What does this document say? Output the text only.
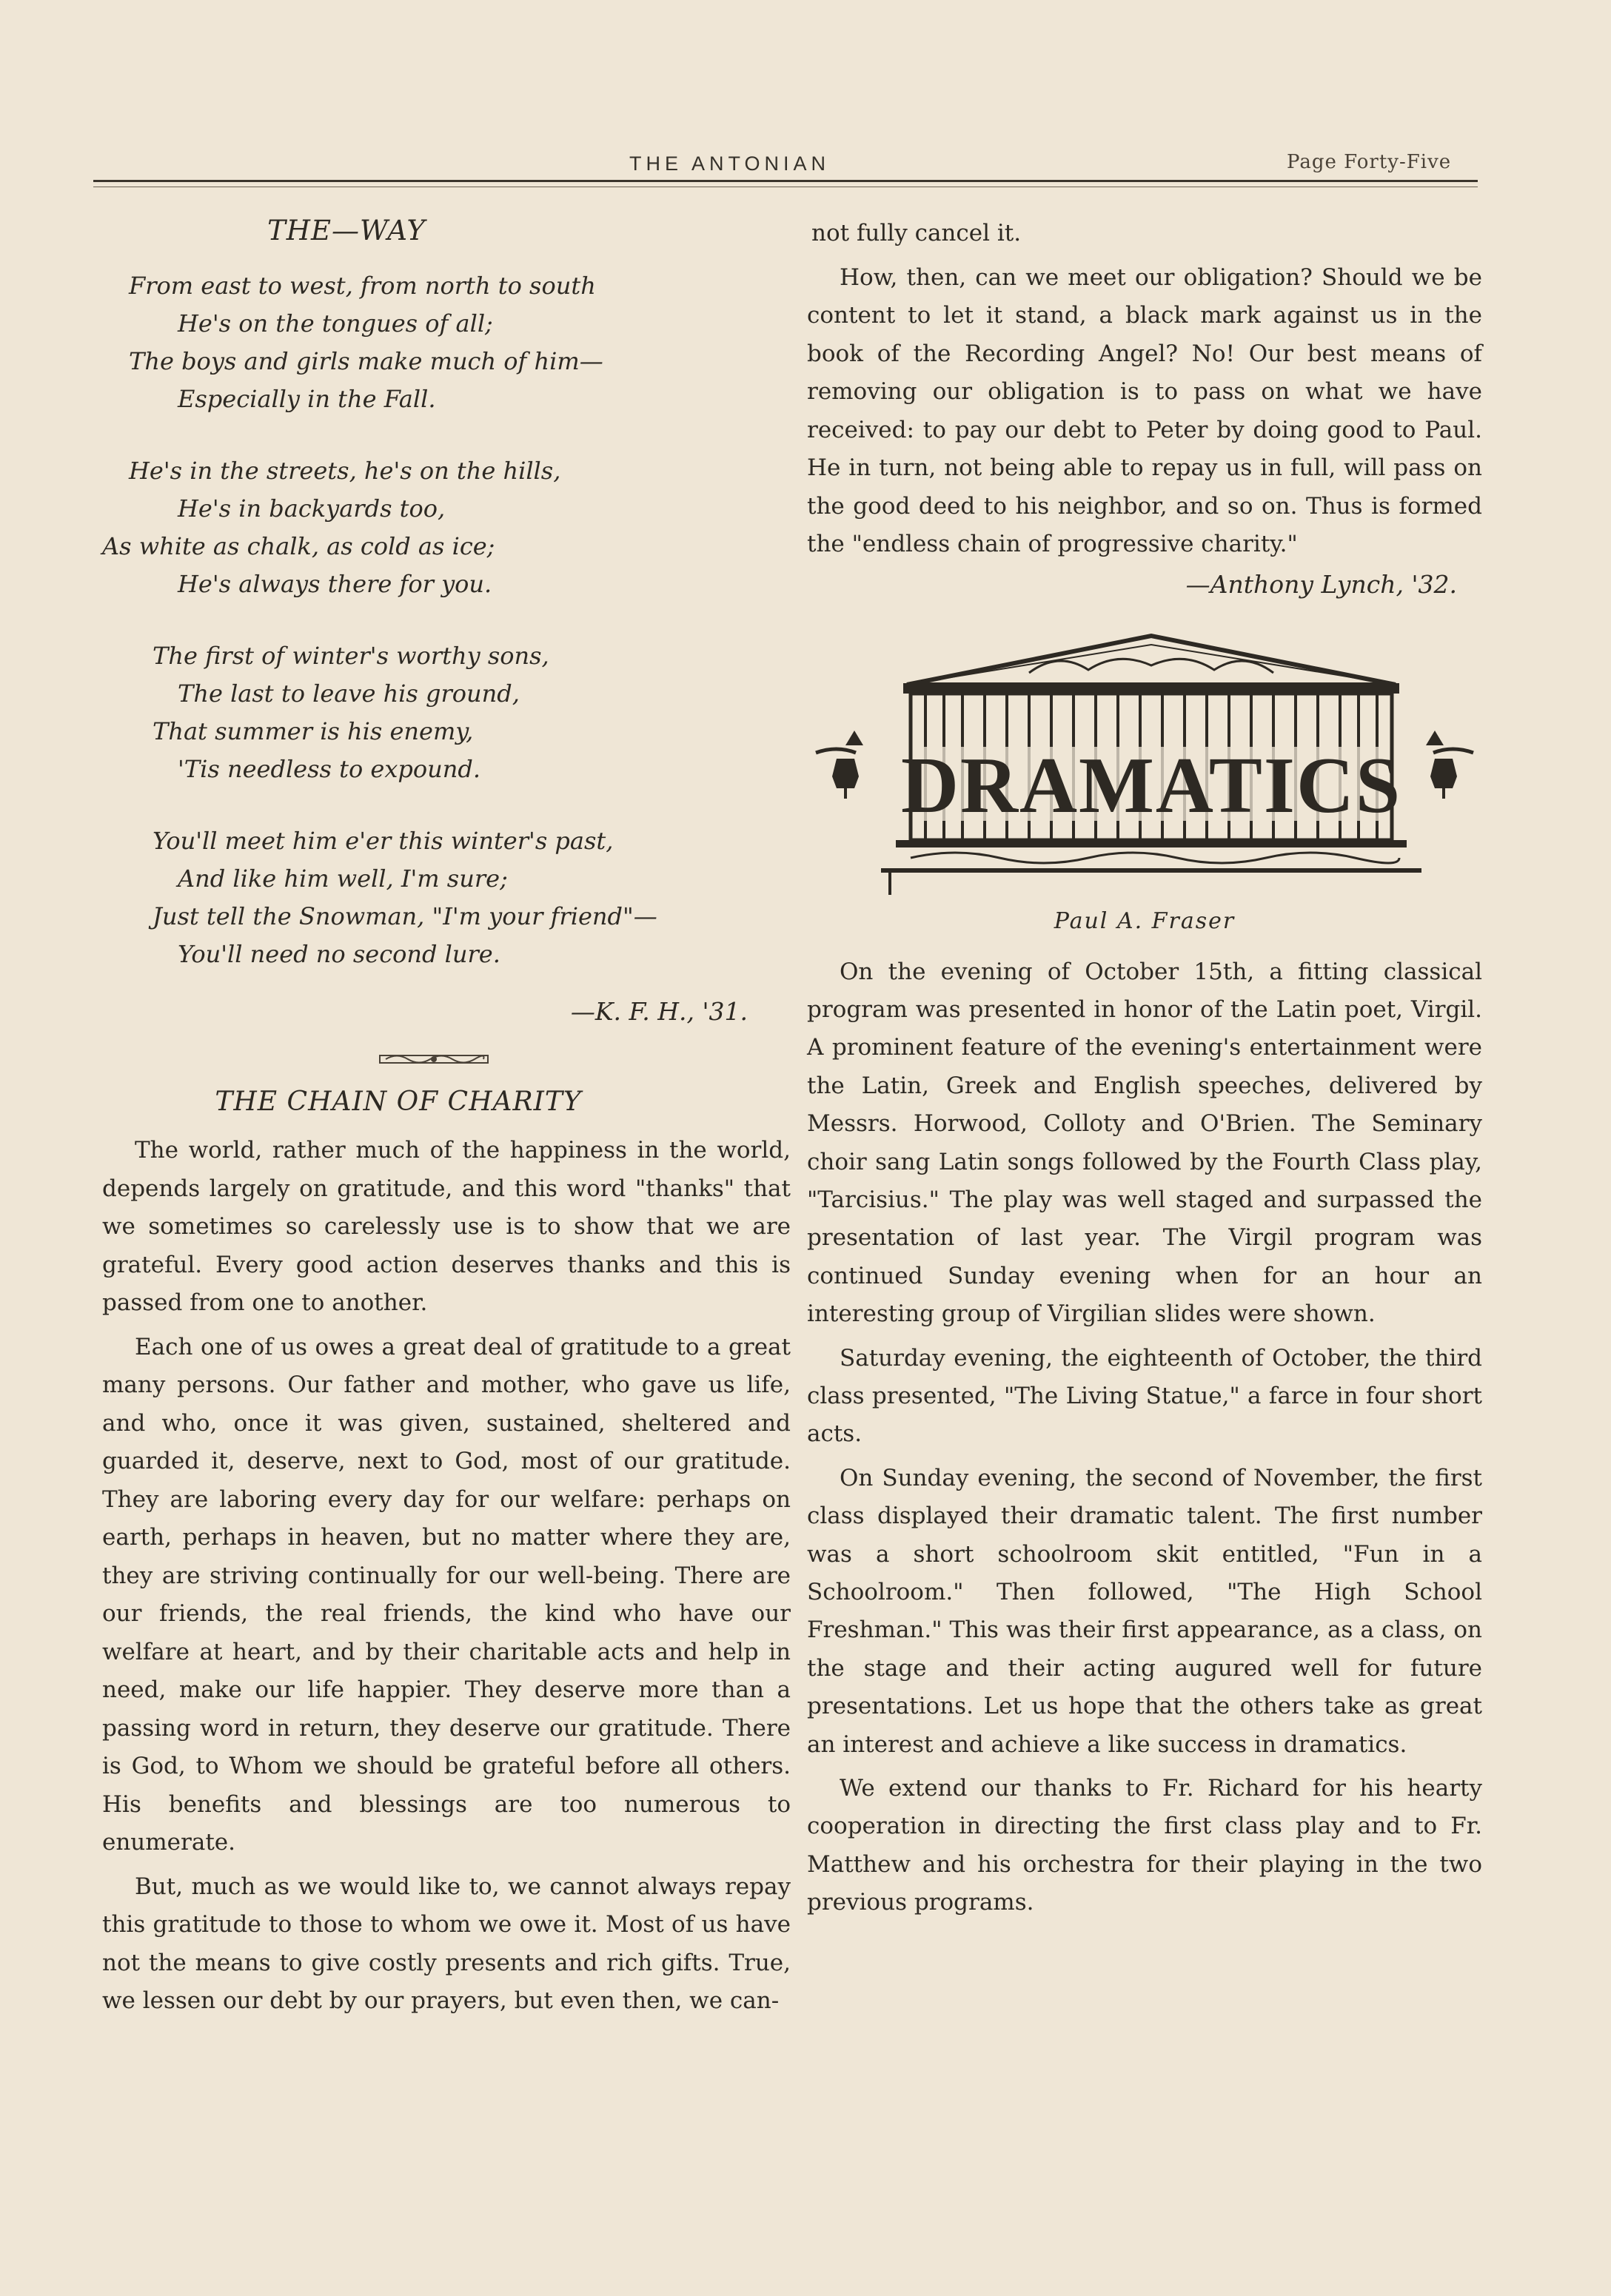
THE ANTONIAN	Page Forty-Five
THE—WAY
From east to west, from north to south
He's on the tongues of all;
The boys and girls make much of him—
Especially in the Fall.
He's in the streets, he's on the hills,
He's in backyards too,
As white as chalk, as cold as ice;
He's always there for you.
The first of winter's worthy sons,
The last to leave his ground,
That summer is his enemy,
'Tis needless to expound.
You'll meet him e'er this winter's past,
And like him well, I'm sure;
Just tell the Snowman, "I'm your friend"—
You'll need no second lure.
—K. F. H., '31.
THE CHAIN OF CHARITY

The world, rather much of the happiness in the world, depends largely on gratitude, and this word "thanks" that we sometimes so carelessly use is to show that we are grateful. Every good action deserves thanks and this is passed from one to another.

Each one of us owes a great deal of gratitude to a great many persons. Our father and mother, who gave us life, and who, once it was given, sustained, sheltered and guarded it, deserve, next to God, most of our gratitude. They are laboring every day for our welfare: perhaps on earth, perhaps in heaven, but no matter where they are, they are striving continually for our well-being. There are our friends, the real friends, the kind who have our welfare at heart, and by their charitable acts and help in need, make our life happier. They deserve more than a passing word in return, they deserve our gratitude. There is God, to Whom we should be grateful before all others. His benefits and blessings are too numerous to enumerate.

But, much as we would like to, we cannot always repay this gratitude to those to whom we owe it. Most of us have not the means to give costly presents and rich gifts. True, we lessen our debt by our prayers, but even then, we can-

not fully cancel it.

How, then, can we meet our obligation? Should we be content to let it stand, a black mark against us in the book of the Recording Angel? No! Our best means of removing our obligation is to pass on what we have received: to pay our debt to Peter by doing good to Paul. He in turn, not being able to repay us in full, will pass on the good deed to his neighbor, and so on. Thus is formed the "endless chain of progressive charity."

—Anthony Lynch, '32.
DRAMATICS
Paul A. Fraser

On the evening of October 15th, a fitting classical program was presented in honor of the Latin poet, Virgil. A prominent feature of the evening's entertainment were the Latin, Greek and English speeches, delivered by Messrs. Horwood, Colloty and O'Brien. The Seminary choir sang Latin songs followed by the Fourth Class play, "Tarcisius." The play was well staged and surpassed the presentation of last year. The Virgil program was continued Sunday evening when for an hour an interesting group of Virgilian slides were shown.

Saturday evening, the eighteenth of October, the third class presented, "The Living Statue," a farce in four short acts.

On Sunday evening, the second of November, the first class displayed their dramatic talent. The first number was a short schoolroom skit entitled, "Fun in a Schoolroom." Then followed, "The High School Freshman." This was their first appearance, as a class, on the stage and their acting augured well for future presentations. Let us hope that the others take as great an interest and achieve a like success in dramatics.

We extend our thanks to Fr. Richard for his hearty cooperation in directing the first class play and to Fr. Matthew and his orchestra for their playing in the two previous programs.
